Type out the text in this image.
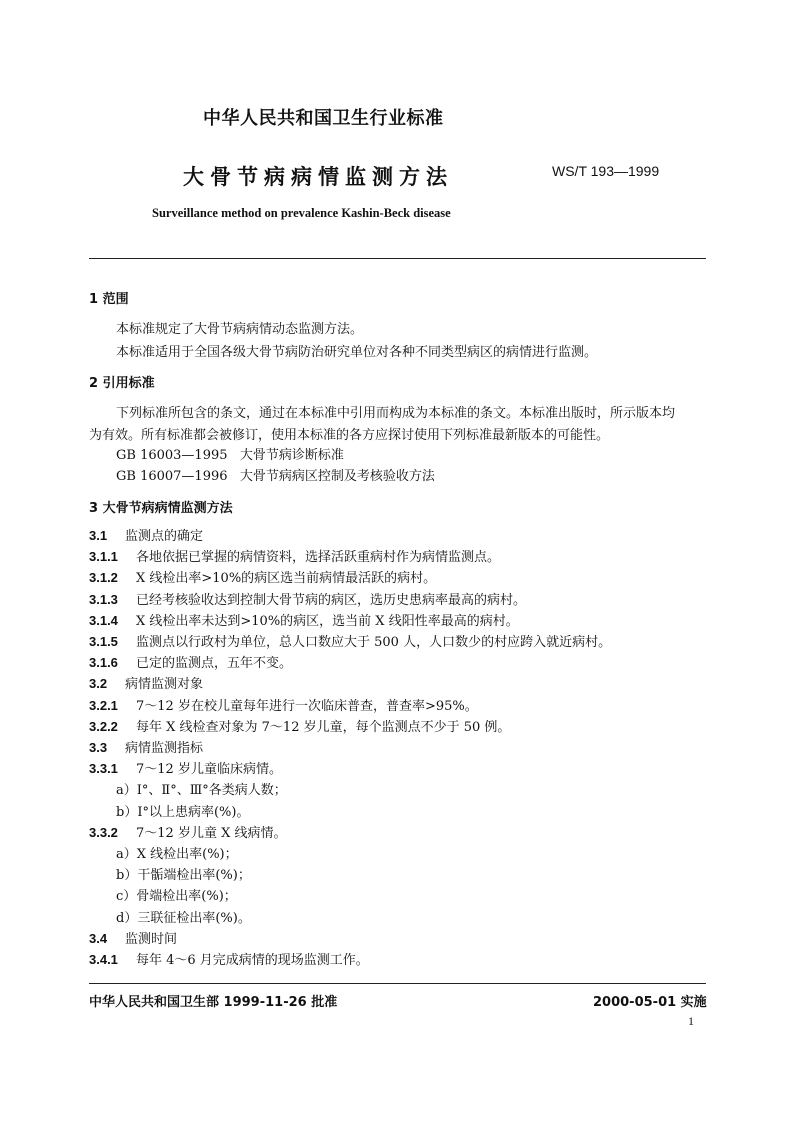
中华人民共和国卫生行业标准
大骨节病病情监测方法	WS/T 193—1999
Surveillance method on prevalence Kashin-Beck disease
1 范围
本标准规定了大骨节病病情动态监测方法。
本标准适用于全国各级大骨节病防治研究单位对各种不同类型病区的病情进行监测。
2 引用标准
下列标准所包含的条文，通过在本标准中引用而构成为本标准的条文。本标准出版时，所示版本均
为有效。所有标准都会被修订，使用本标准的各方应探讨使用下列标准最新版本的可能性。
GB 16003—1995   大骨节病诊断标准
GB 16007—1996   大骨节病病区控制及考核验收方法
3 大骨节病病情监测方法
3.1 监测点的确定
3.1.1 各地依据已掌握的病情资料，选择活跃重病村作为病情监测点。
3.1.2 X 线检出率>10%的病区选当前病情最活跃的病村。
3.1.3 已经考核验收达到控制大骨节病的病区，选历史患病率最高的病村。
3.1.4 X 线检出率未达到>10%的病区，选当前 X 线阳性率最高的病村。
3.1.5 监测点以行政村为单位，总人口数应大于 500 人，人口数少的村应跨入就近病村。
3.1.6 已定的监测点，五年不变。
3.2 病情监测对象
3.2.1 7～12 岁在校儿童每年进行一次临床普查，普查率>95%。
3.2.2 每年 X 线检查对象为 7～12 岁儿童，每个监测点不少于 50 例。
3.3 病情监测指标
3.3.1 7～12 岁儿童临床病情。
a）Ⅰ°、Ⅱ°、Ⅲ°各类病人数；
b）Ⅰ°以上患病率(%)。
3.3.2 7～12 岁儿童 X 线病情。
a）X 线检出率(%)；
b）干骺端检出率(%)；
c）骨端检出率(%)；
d）三联征检出率(%)。
3.4 监测时间
3.4.1 每年 4～6 月完成病情的现场监测工作。
中华人民共和国卫生部 1999-11-26 批准	2000-05-01 实施
1
